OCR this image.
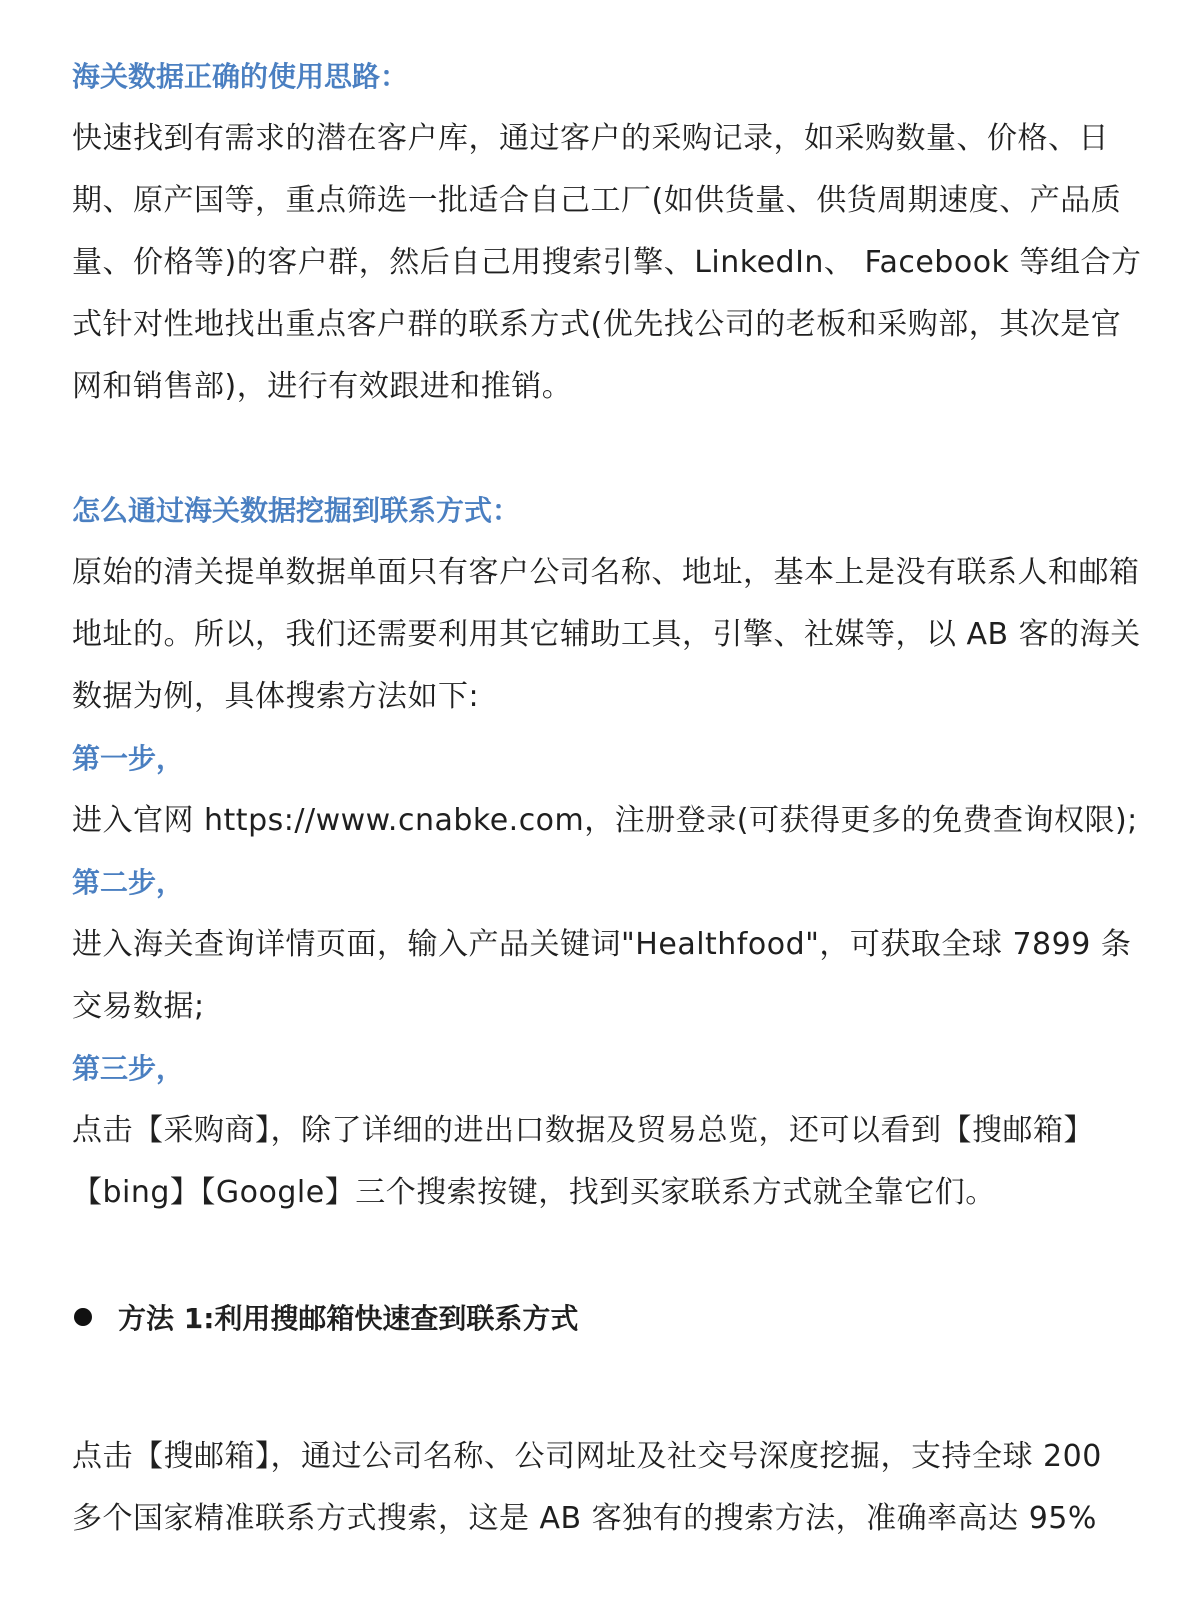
海关数据正确的使用思路：

快速找到有需求的潜在客户库，通过客户的采购记录，如采购数量、价格、日期、原产国等，重点筛选一批适合自己工厂(如供货量、供货周期速度、产品质量、价格等)的客户群，然后自己用搜索引擎、LinkedIn、 Facebook 等组合方式针对性地找出重点客户群的联系方式(优先找公司的老板和采购部，其次是官网和销售部)，进行有效跟进和推销。

怎么通过海关数据挖掘到联系方式：

原始的清关提单数据单面只有客户公司名称、地址，基本上是没有联系人和邮箱地址的。所以，我们还需要利用其它辅助工具，引擎、社媒等，以 AB 客的海关数据为例，具体搜索方法如下:

第一步，

进入官网 https://www.cnabke.com，注册登录(可获得更多的免费查询权限);

第二步，

进入海关查询详情页面，输入产品关键词"Healthfood"，可获取全球 7899 条交易数据;

第三步，

点击【采购商】，除了详细的进出口数据及贸易总览，还可以看到【搜邮箱】【bing】【Google】三个搜索按键，找到买家联系方式就全靠它们。

方法 1:利用搜邮箱快速查到联系方式

点击【搜邮箱】，通过公司名称、公司网址及社交号深度挖掘，支持全球 200 多个国家精准联系方式搜索，这是 AB 客独有的搜索方法，准确率高达 95%
